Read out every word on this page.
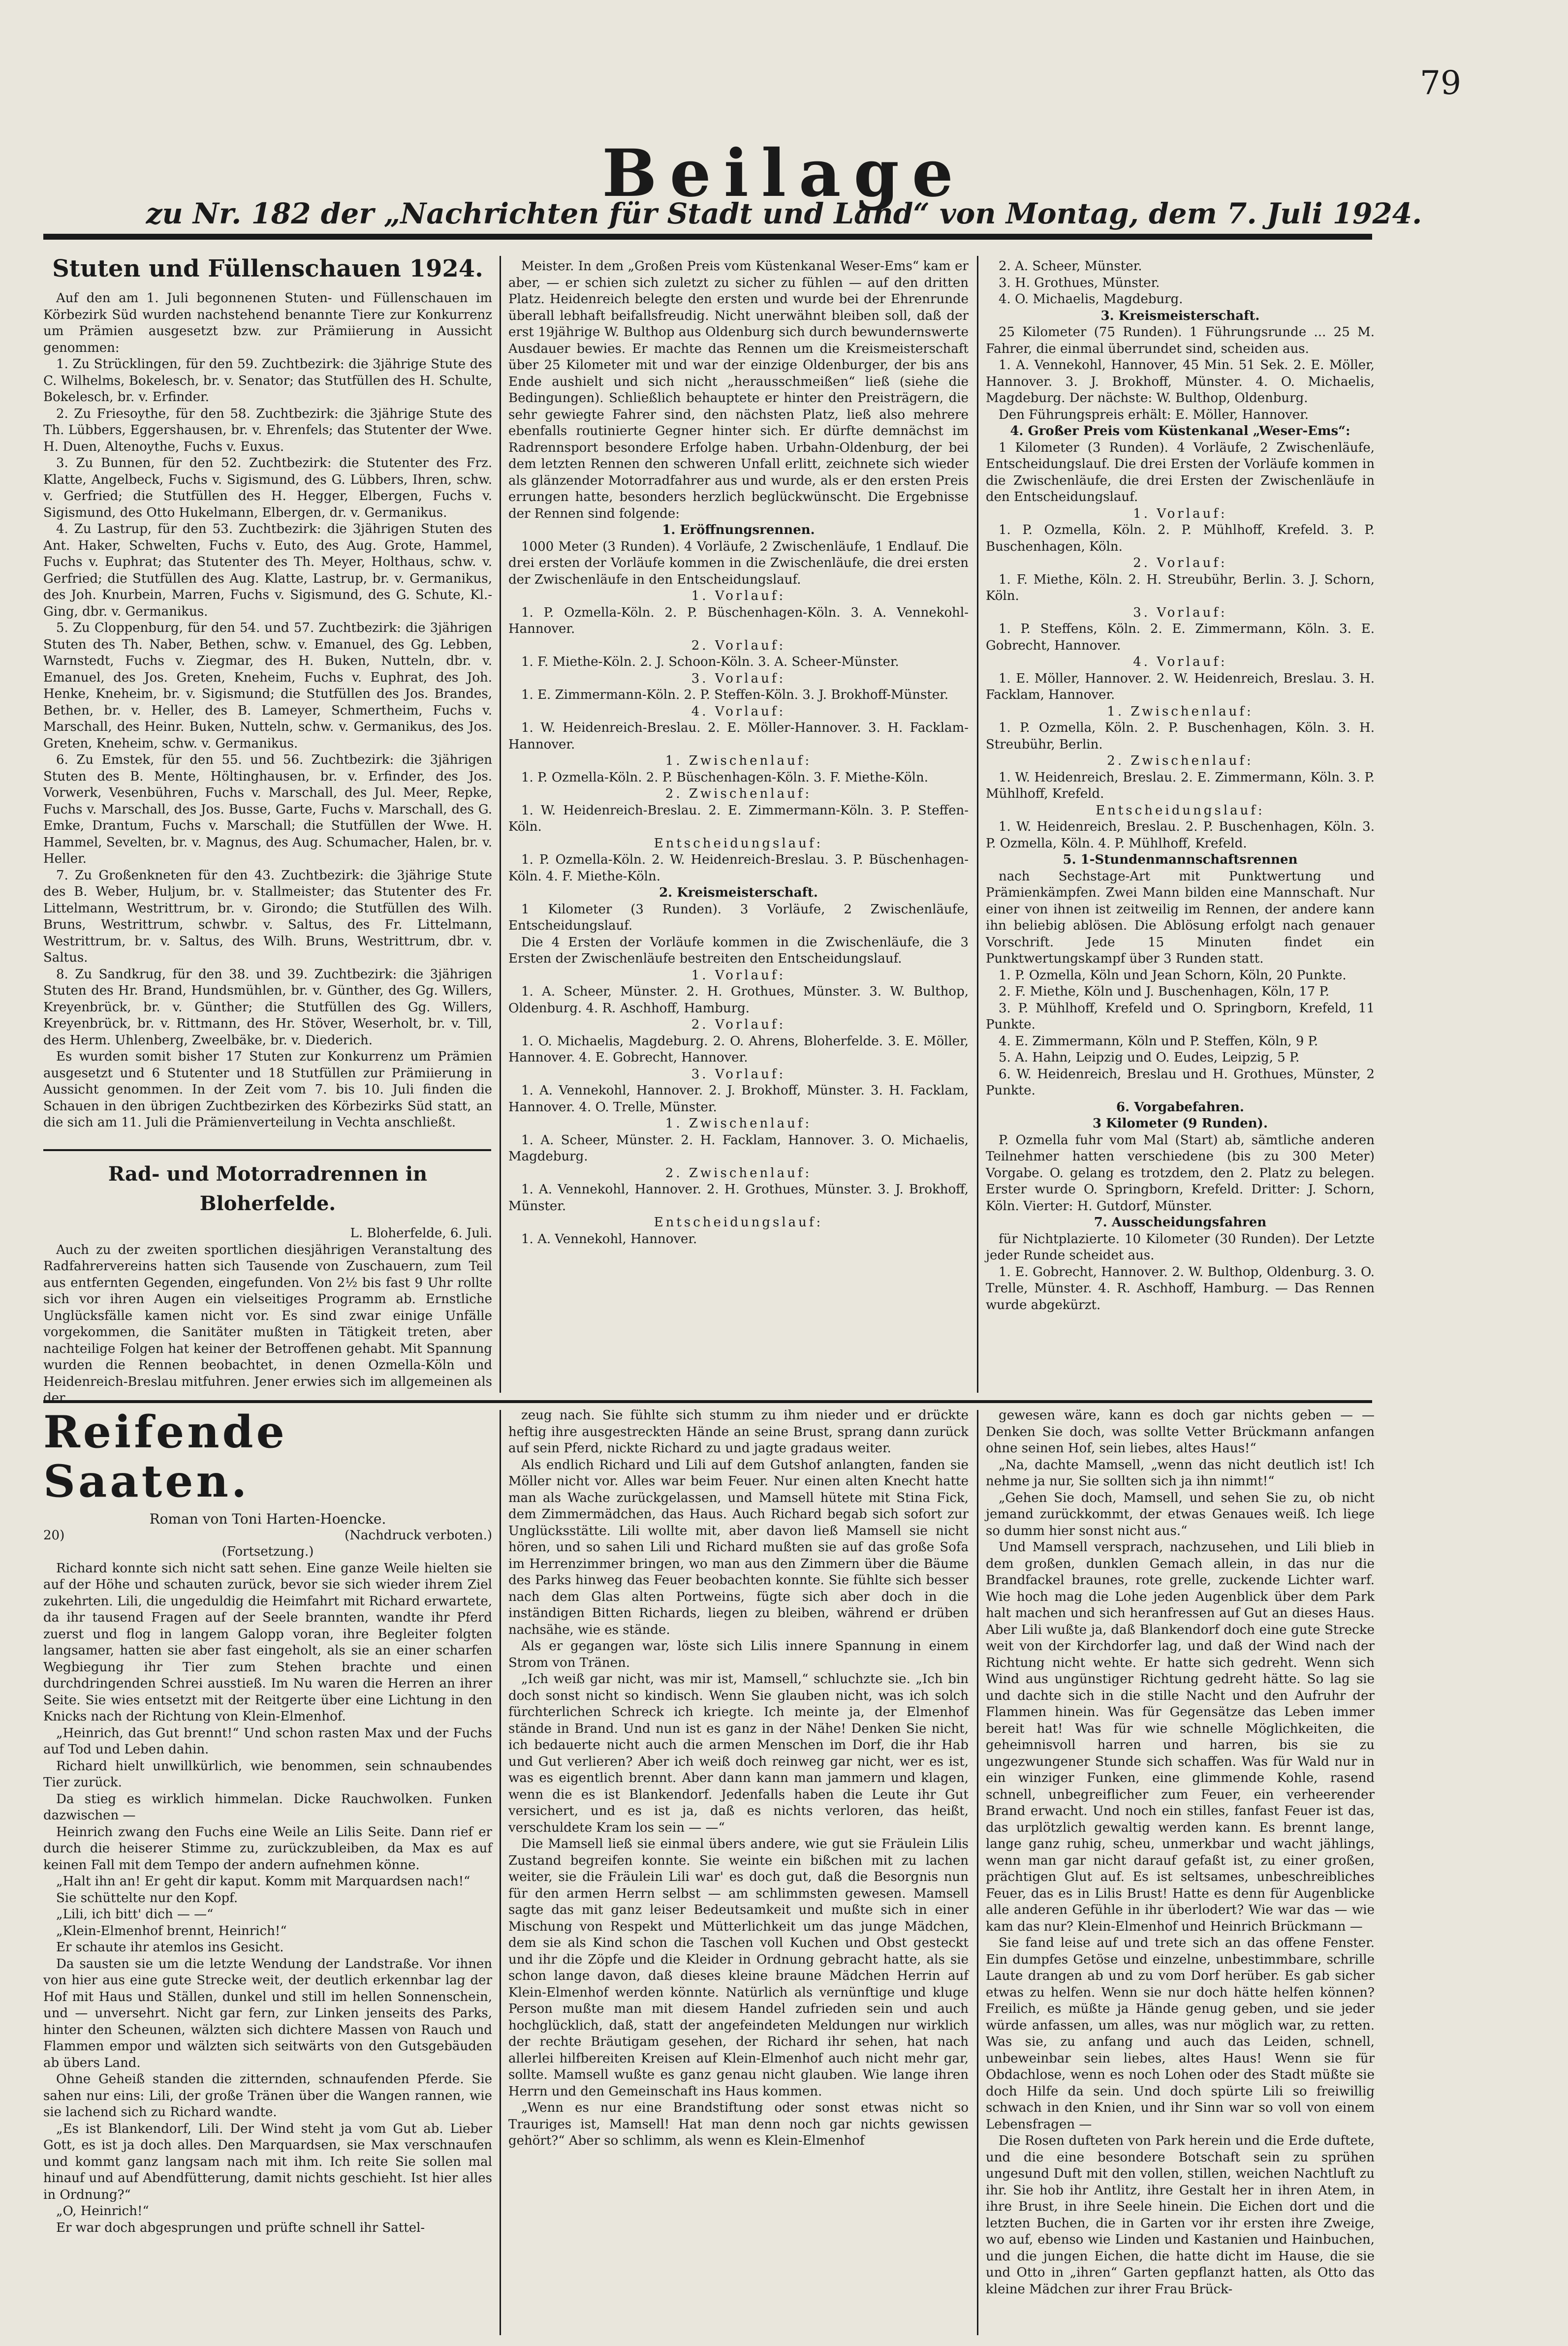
79
Beilage
zu Nr. 182 der „Nachrichten für Stadt und Land“ von Montag, dem 7. Juli 1924.
Stuten und Füllenschauen 1924.

Auf den am 1. Juli begonnenen Stuten- und Füllenschauen im Körbezirk Süd wurden nachstehend benannte Tiere zur Konkurrenz um Prämien ausgesetzt bzw. zur Prämiierung in Aussicht genommen:

1. Zu Strücklingen, für den 59. Zuchtbezirk: die 3jährige Stute des C. Wilhelms, Bokelesch, br. v. Senator; das Stutfüllen des H. Schulte, Bokelesch, br. v. Erfinder.

2. Zu Friesoythe, für den 58. Zuchtbezirk: die 3jährige Stute des Th. Lübbers, Eggershausen, br. v. Ehrenfels; das Stutenter der Wwe. H. Duen, Altenoythe, Fuchs v. Euxus.

3. Zu Bunnen, für den 52. Zuchtbezirk: die Stutenter des Frz. Klatte, Angelbeck, Fuchs v. Sigismund, des G. Lübbers, Ihren, schw. v. Gerfried; die Stutfüllen des H. Hegger, Elbergen, Fuchs v. Sigismund, des Otto Hukelmann, Elbergen, dr. v. Germanikus.

4. Zu Lastrup, für den 53. Zuchtbezirk: die 3jährigen Stuten des Ant. Haker, Schwelten, Fuchs v. Euto, des Aug. Grote, Hammel, Fuchs v. Euphrat; das Stutenter des Th. Meyer, Holthaus, schw. v. Gerfried; die Stutfüllen des Aug. Klatte, Lastrup, br. v. Germanikus, des Joh. Knurbein, Marren, Fuchs v. Sigismund, des G. Schute, Kl.-Ging, dbr. v. Germanikus.

5. Zu Cloppenburg, für den 54. und 57. Zuchtbezirk: die 3jährigen Stuten des Th. Naber, Bethen, schw. v. Emanuel, des Gg. Lebben, Warnstedt, Fuchs v. Ziegmar, des H. Buken, Nutteln, dbr. v. Emanuel, des Jos. Greten, Kneheim, Fuchs v. Euphrat, des Joh. Henke, Kneheim, br. v. Sigismund; die Stutfüllen des Jos. Brandes, Bethen, br. v. Heller, des B. Lameyer, Schmertheim, Fuchs v. Marschall, des Heinr. Buken, Nutteln, schw. v. Germanikus, des Jos. Greten, Kneheim, schw. v. Germanikus.

6. Zu Emstek, für den 55. und 56. Zuchtbezirk: die 3jährigen Stuten des B. Mente, Höltinghausen, br. v. Erfinder, des Jos. Vorwerk, Vesenbühren, Fuchs v. Marschall, des Jul. Meer, Repke, Fuchs v. Marschall, des Jos. Busse, Garte, Fuchs v. Marschall, des G. Emke, Drantum, Fuchs v. Marschall; die Stutfüllen der Wwe. H. Hammel, Sevelten, br. v. Magnus, des Aug. Schumacher, Halen, br. v. Heller.

7. Zu Großenkneten für den 43. Zuchtbezirk: die 3jährige Stute des B. Weber, Huljum, br. v. Stallmeister; das Stutenter des Fr. Littelmann, Westrittrum, br. v. Girondo; die Stutfüllen des Wilh. Bruns, Westrittrum, schwbr. v. Saltus, des Fr. Littelmann, Westrittrum, br. v. Saltus, des Wilh. Bruns, Westrittrum, dbr. v. Saltus.

8. Zu Sandkrug, für den 38. und 39. Zuchtbezirk: die 3jährigen Stuten des Hr. Brand, Hundsmühlen, br. v. Günther, des Gg. Willers, Kreyenbrück, br. v. Günther; die Stutfüllen des Gg. Willers, Kreyenbrück, br. v. Rittmann, des Hr. Stöver, Weserholt, br. v. Till, des Herm. Uhlenberg, Zweelbäke, br. v. Diederich.

Es wurden somit bisher 17 Stuten zur Konkurrenz um Prämien ausgesetzt und 6 Stutenter und 18 Stutfüllen zur Prämiierung in Aussicht genommen. In der Zeit vom 7. bis 10. Juli finden die Schauen in den übrigen Zuchtbezirken des Körbezirks Süd statt, an die sich am 11. Juli die Prämienverteilung in Vechta anschließt.

Rad- und Motorradrennen in Bloherfelde.

L. Bloherfelde, 6. Juli.

Auch zu der zweiten sportlichen diesjährigen Veranstaltung des Radfahrervereins hatten sich Tausende von Zuschauern, zum Teil aus entfernten Gegenden, eingefunden. Von 2½ bis fast 9 Uhr rollte sich vor ihren Augen ein vielseitiges Programm ab. Ernstliche Unglücksfälle kamen nicht vor. Es sind zwar einige Unfälle vorgekommen, die Sanitäter mußten in Tätigkeit treten, aber nachteilige Folgen hat keiner der Betroffenen gehabt. Mit Spannung wurden die Rennen beobachtet, in denen Ozmella-Köln und Heidenreich-Breslau mitfuhren. Jener erwies sich im allgemeinen als der

Meister. In dem „Großen Preis vom Küstenkanal Weser-Ems“ kam er aber, — er schien sich zuletzt zu sicher zu fühlen — auf den dritten Platz. Heidenreich belegte den ersten und wurde bei der Ehrenrunde überall lebhaft beifallsfreudig. Nicht unerwähnt bleiben soll, daß der erst 19jährige W. Bulthop aus Oldenburg sich durch bewundernswerte Ausdauer bewies. Er machte das Rennen um die Kreismeisterschaft über 25 Kilometer mit und war der einzige Oldenburger, der bis ans Ende aushielt und sich nicht „herausschmeißen“ ließ (siehe die Bedingungen). Schließlich behauptete er hinter den Preisträgern, die sehr gewiegte Fahrer sind, den nächsten Platz, ließ also mehrere ebenfalls routinierte Gegner hinter sich. Er dürfte demnächst im Radrennsport besondere Erfolge haben. Urbahn-Oldenburg, der bei dem letzten Rennen den schweren Unfall erlitt, zeichnete sich wieder als glänzender Motorradfahrer aus und wurde, als er den ersten Preis errungen hatte, besonders herzlich beglückwünscht. Die Ergebnisse der Rennen sind folgende:

1. Eröffnungsrennen.

1000 Meter (3 Runden). 4 Vorläufe, 2 Zwischenläufe, 1 Endlauf. Die drei ersten der Vorläufe kommen in die Zwischenläufe, die drei ersten der Zwischenläufe in den Entscheidungslauf.

1. Vorlauf:

1. P. Ozmella-Köln. 2. P. Büschenhagen-Köln. 3. A. Vennekohl-Hannover.

2. Vorlauf:

1. F. Miethe-Köln. 2. J. Schoon-Köln. 3. A. Scheer-Münster.

3. Vorlauf:

1. E. Zimmermann-Köln. 2. P. Steffen-Köln. 3. J. Brokhoff-Münster.

4. Vorlauf:

1. W. Heidenreich-Breslau. 2. E. Möller-Hannover. 3. H. Facklam-Hannover.

1. Zwischenlauf:

1. P. Ozmella-Köln. 2. P. Büschenhagen-Köln. 3. F. Miethe-Köln.

2. Zwischenlauf:

1. W. Heidenreich-Breslau. 2. E. Zimmermann-Köln. 3. P. Steffen-Köln.

Entscheidungslauf:

1. P. Ozmella-Köln. 2. W. Heidenreich-Breslau. 3. P. Büschenhagen-Köln. 4. F. Miethe-Köln.

2. Kreismeisterschaft.

1 Kilometer (3 Runden). 3 Vorläufe, 2 Zwischenläufe, Entscheidungslauf.

Die 4 Ersten der Vorläufe kommen in die Zwischenläufe, die 3 Ersten der Zwischenläufe bestreiten den Entscheidungslauf.

1. Vorlauf:

1. A. Scheer, Münster. 2. H. Grothues, Münster. 3. W. Bulthop, Oldenburg. 4. R. Aschhoff, Hamburg.

2. Vorlauf:

1. O. Michaelis, Magdeburg. 2. O. Ahrens, Bloherfelde. 3. E. Möller, Hannover. 4. E. Gobrecht, Hannover.

3. Vorlauf:

1. A. Vennekohl, Hannover. 2. J. Brokhoff, Münster. 3. H. Facklam, Hannover. 4. O. Trelle, Münster.

1. Zwischenlauf:

1. A. Scheer, Münster. 2. H. Facklam, Hannover. 3. O. Michaelis, Magdeburg.

2. Zwischenlauf:

1. A. Vennekohl, Hannover. 2. H. Grothues, Münster. 3. J. Brokhoff, Münster.

Entscheidungslauf:

1. A. Vennekohl, Hannover.

2. A. Scheer, Münster.

3. H. Grothues, Münster.

4. O. Michaelis, Magdeburg.

3. Kreismeisterschaft.

25 Kilometer (75 Runden). 1 Führungsrunde ... 25 M. Fahrer, die einmal überrundet sind, scheiden aus.

1. A. Vennekohl, Hannover, 45 Min. 51 Sek. 2. E. Möller, Hannover. 3. J. Brokhoff, Münster. 4. O. Michaelis, Magdeburg. Der nächste: W. Bulthop, Oldenburg.

Den Führungspreis erhält: E. Möller, Hannover.

4. Großer Preis vom Küstenkanal „Weser-Ems“:

1 Kilometer (3 Runden). 4 Vorläufe, 2 Zwischenläufe, Entscheidungslauf. Die drei Ersten der Vorläufe kommen in die Zwischenläufe, die drei Ersten der Zwischenläufe in den Entscheidungslauf.

1. Vorlauf:

1. P. Ozmella, Köln. 2. P. Mühlhoff, Krefeld. 3. P. Buschenhagen, Köln.

2. Vorlauf:

1. F. Miethe, Köln. 2. H. Streubühr, Berlin. 3. J. Schorn, Köln.

3. Vorlauf:

1. P. Steffens, Köln. 2. E. Zimmermann, Köln. 3. E. Gobrecht, Hannover.

4. Vorlauf:

1. E. Möller, Hannover. 2. W. Heidenreich, Breslau. 3. H. Facklam, Hannover.

1. Zwischenlauf:

1. P. Ozmella, Köln. 2. P. Buschenhagen, Köln. 3. H. Streubühr, Berlin.

2. Zwischenlauf:

1. W. Heidenreich, Breslau. 2. E. Zimmermann, Köln. 3. P. Mühlhoff, Krefeld.

Entscheidungslauf:

1. W. Heidenreich, Breslau. 2. P. Buschenhagen, Köln. 3. P. Ozmella, Köln. 4. P. Mühlhoff, Krefeld.

5. 1-Stundenmannschaftsrennen

nach Sechstage-Art mit Punktwertung und Prämienkämpfen. Zwei Mann bilden eine Mannschaft. Nur einer von ihnen ist zeitweilig im Rennen, der andere kann ihn beliebig ablösen. Die Ablösung erfolgt nach genauer Vorschrift. Jede 15 Minuten findet ein Punktwertungskampf über 3 Runden statt.

1. P. Ozmella, Köln und Jean Schorn, Köln, 20 Punkte.

2. F. Miethe, Köln und J. Buschenhagen, Köln, 17 P.

3. P. Mühlhoff, Krefeld und O. Springborn, Krefeld, 11 Punkte.

4. E. Zimmermann, Köln und P. Steffen, Köln, 9 P.

5. A. Hahn, Leipzig und O. Eudes, Leipzig, 5 P.

6. W. Heidenreich, Breslau und H. Grothues, Münster, 2 Punkte.

6. Vorgabefahren.

3 Kilometer (9 Runden).

P. Ozmella fuhr vom Mal (Start) ab, sämtliche anderen Teilnehmer hatten verschiedene (bis zu 300 Meter) Vorgabe. O. gelang es trotzdem, den 2. Platz zu belegen. Erster wurde O. Springborn, Krefeld. Dritter: J. Schorn, Köln. Vierter: H. Gutdorf, Münster.

7. Ausscheidungsfahren

für Nichtplazierte. 10 Kilometer (30 Runden). Der Letzte jeder Runde scheidet aus.

1. E. Gobrecht, Hannover. 2. W. Bulthop, Oldenburg. 3. O. Trelle, Münster. 4. R. Aschhoff, Hamburg. — Das Rennen wurde abgekürzt.

Reifende Saaten.

Roman von Toni Harten-Hoencke.

20)	(Nachdruck verboten.)

(Fortsetzung.)

Richard konnte sich nicht satt sehen. Eine ganze Weile hielten sie auf der Höhe und schauten zurück, bevor sie sich wieder ihrem Ziel zukehrten. Lili, die ungeduldig die Heimfahrt mit Richard erwartete, da ihr tausend Fragen auf der Seele brannten, wandte ihr Pferd zuerst und flog in langem Galopp voran, ihre Begleiter folgten langsamer, hatten sie aber fast eingeholt, als sie an einer scharfen Wegbiegung ihr Tier zum Stehen brachte und einen durchdringenden Schrei ausstieß. Im Nu waren die Herren an ihrer Seite. Sie wies entsetzt mit der Reitgerte über eine Lichtung in den Knicks nach der Richtung von Klein-Elmenhof.

„Heinrich, das Gut brennt!“ Und schon rasten Max und der Fuchs auf Tod und Leben dahin.

Richard hielt unwillkürlich, wie benommen, sein schnaubendes Tier zurück.

Da stieg es wirklich himmelan. Dicke Rauchwolken. Funken dazwischen —

Heinrich zwang den Fuchs eine Weile an Lilis Seite. Dann rief er durch die heiserer Stimme zu, zurückzubleiben, da Max es auf keinen Fall mit dem Tempo der andern aufnehmen könne.

„Halt ihn an! Er geht dir kaput. Komm mit Marquardsen nach!“

Sie schüttelte nur den Kopf.

„Lili, ich bitt' dich — —“

„Klein-Elmenhof brennt, Heinrich!“

Er schaute ihr atemlos ins Gesicht.

Da sausten sie um die letzte Wendung der Landstraße. Vor ihnen von hier aus eine gute Strecke weit, der deutlich erkennbar lag der Hof mit Haus und Ställen, dunkel und still im hellen Sonnenschein, und — unversehrt. Nicht gar fern, zur Linken jenseits des Parks, hinter den Scheunen, wälzten sich dichtere Massen von Rauch und Flammen empor und wälzten sich seitwärts von den Gutsgebäuden ab übers Land.

Ohne Geheiß standen die zitternden, schnaufenden Pferde. Sie sahen nur eins: Lili, der große Tränen über die Wangen rannen, wie sie lachend sich zu Richard wandte.

„Es ist Blankendorf, Lili. Der Wind steht ja vom Gut ab. Lieber Gott, es ist ja doch alles. Den Marquardsen, sie Max verschnaufen und kommt ganz langsam nach mit ihm. Ich reite Sie sollen mal hinauf und auf Abendfütterung, damit nichts geschieht. Ist hier alles in Ordnung?“

„O, Heinrich!“

Er war doch abgesprungen und prüfte schnell ihr Sattel-

zeug nach. Sie fühlte sich stumm zu ihm nieder und er drückte heftig ihre ausgestreckten Hände an seine Brust, sprang dann zurück auf sein Pferd, nickte Richard zu und jagte gradaus weiter.

Als endlich Richard und Lili auf dem Gutshof anlangten, fanden sie Möller nicht vor. Alles war beim Feuer. Nur einen alten Knecht hatte man als Wache zurückgelassen, und Mamsell hütete mit Stina Fick, dem Zimmermädchen, das Haus. Auch Richard begab sich sofort zur Unglücksstätte. Lili wollte mit, aber davon ließ Mamsell sie nicht hören, und so sahen Lili und Richard mußten sie auf das große Sofa im Herrenzimmer bringen, wo man aus den Zimmern über die Bäume des Parks hinweg das Feuer beobachten konnte. Sie fühlte sich besser nach dem Glas alten Portweins, fügte sich aber doch in die inständigen Bitten Richards, liegen zu bleiben, während er drüben nachsähe, wie es stände.

Als er gegangen war, löste sich Lilis innere Spannung in einem Strom von Tränen.

„Ich weiß gar nicht, was mir ist, Mamsell,“ schluchzte sie. „Ich bin doch sonst nicht so kindisch. Wenn Sie glauben nicht, was ich solch fürchterlichen Schreck ich kriegte. Ich meinte ja, der Elmenhof stände in Brand. Und nun ist es ganz in der Nähe! Denken Sie nicht, ich bedauerte nicht auch die armen Menschen im Dorf, die ihr Hab und Gut verlieren? Aber ich weiß doch reinweg gar nicht, wer es ist, was es eigentlich brennt. Aber dann kann man jammern und klagen, wenn die es ist Blankendorf. Jedenfalls haben die Leute ihr Gut versichert, und es ist ja, daß es nichts verloren, das heißt, verschuldete Kram los sein — —“

Die Mamsell ließ sie einmal übers andere, wie gut sie Fräulein Lilis Zustand begreifen konnte. Sie weinte ein bißchen mit zu lachen weiter, sie die Fräulein Lili war' es doch gut, daß die Besorgnis nun für den armen Herrn selbst — am schlimmsten gewesen. Mamsell sagte das mit ganz leiser Bedeutsamkeit und mußte sich in einer Mischung von Respekt und Mütterlichkeit um das junge Mädchen, dem sie als Kind schon die Taschen voll Kuchen und Obst gesteckt und ihr die Zöpfe und die Kleider in Ordnung gebracht hatte, als sie schon lange davon, daß dieses kleine braune Mädchen Herrin auf Klein-Elmenhof werden könnte. Natürlich als vernünftige und kluge Person mußte man mit diesem Handel zufrieden sein und auch hochglücklich, daß, statt der angefeindeten Meldungen nur wirklich der rechte Bräutigam gesehen, der Richard ihr sehen, hat nach allerlei hilfbereiten Kreisen auf Klein-Elmenhof auch nicht mehr gar, sollte. Mamsell wußte es ganz genau nicht glauben. Wie lange ihren Herrn und den Gemeinschaft ins Haus kommen.

„Wenn es nur eine Brandstiftung oder sonst etwas nicht so Trauriges ist, Mamsell! Hat man denn noch gar nichts gewissen gehört?“ Aber so schlimm, als wenn es Klein-Elmenhof

gewesen wäre, kann es doch gar nichts geben — — Denken Sie doch, was sollte Vetter Brückmann anfangen ohne seinen Hof, sein liebes, altes Haus!“

„Na, dachte Mamsell, „wenn das nicht deutlich ist! Ich nehme ja nur, Sie sollten sich ja ihn nimmt!“

„Gehen Sie doch, Mamsell, und sehen Sie zu, ob nicht jemand zurückkommt, der etwas Genaues weiß. Ich liege so dumm hier sonst nicht aus.“

Und Mamsell versprach, nachzusehen, und Lili blieb in dem großen, dunklen Gemach allein, in das nur die Brandfackel braunes, rote grelle, zuckende Lichter warf. Wie hoch mag die Lohe jeden Augenblick über dem Park halt machen und sich heranfressen auf Gut an dieses Haus. Aber Lili wußte ja, daß Blankendorf doch eine gute Strecke weit von der Kirchdorfer lag, und daß der Wind nach der Richtung nicht wehte. Er hatte sich gedreht. Wenn sich Wind aus ungünstiger Richtung gedreht hätte. So lag sie und dachte sich in die stille Nacht und den Aufruhr der Flammen hinein. Was für Gegensätze das Leben immer bereit hat! Was für wie schnelle Möglichkeiten, die geheimnisvoll harren und harren, bis sie zu ungezwungener Stunde sich schaffen. Was für Wald nur in ein winziger Funken, eine glimmende Kohle, rasend schnell, unbegreiflicher zum Feuer, ein verheerender Brand erwacht. Und noch ein stilles, fanfast Feuer ist das, das urplötzlich gewaltig werden kann. Es brennt lange, lange ganz ruhig, scheu, unmerkbar und wacht jählings, wenn man gar nicht darauf gefaßt ist, zu einer großen, prächtigen Glut auf. Es ist seltsames, unbeschreibliches Feuer, das es in Lilis Brust! Hatte es denn für Augenblicke alle anderen Gefühle in ihr überlodert? Wie war das — wie kam das nur? Klein-Elmenhof und Heinrich Brückmann —

Sie fand leise auf und trete sich an das offene Fenster. Ein dumpfes Getöse und einzelne, unbestimmbare, schrille Laute drangen ab und zu vom Dorf herüber. Es gab sicher etwas zu helfen. Wenn sie nur doch hätte helfen können? Freilich, es müßte ja Hände genug geben, und sie jeder würde anfassen, um alles, was nur möglich war, zu retten. Was sie, zu anfang und auch das Leiden, schnell, unbeweinbar sein liebes, altes Haus! Wenn sie für Obdachlose, wenn es noch Lohen oder des Stadt müßte sie doch Hilfe da sein. Und doch spürte Lili so freiwillig schwach in den Knien, und ihr Sinn war so voll von einem Lebensfragen —

Die Rosen dufteten von Park herein und die Erde duftete, und die eine besondere Botschaft sein zu sprühen ungesund Duft mit den vollen, stillen, weichen Nachtluft zu ihr. Sie hob ihr Antlitz, ihre Gestalt her in ihren Atem, in ihre Brust, in ihre Seele hinein. Die Eichen dort und die letzten Buchen, die in Garten vor ihr ersten ihre Zweige, wo auf, ebenso wie Linden und Kastanien und Hainbuchen, und die jungen Eichen, die hatte dicht im Hause, die sie und Otto in „ihren“ Garten gepflanzt hatten, als Otto das kleine Mädchen zur ihrer Frau Brück-
